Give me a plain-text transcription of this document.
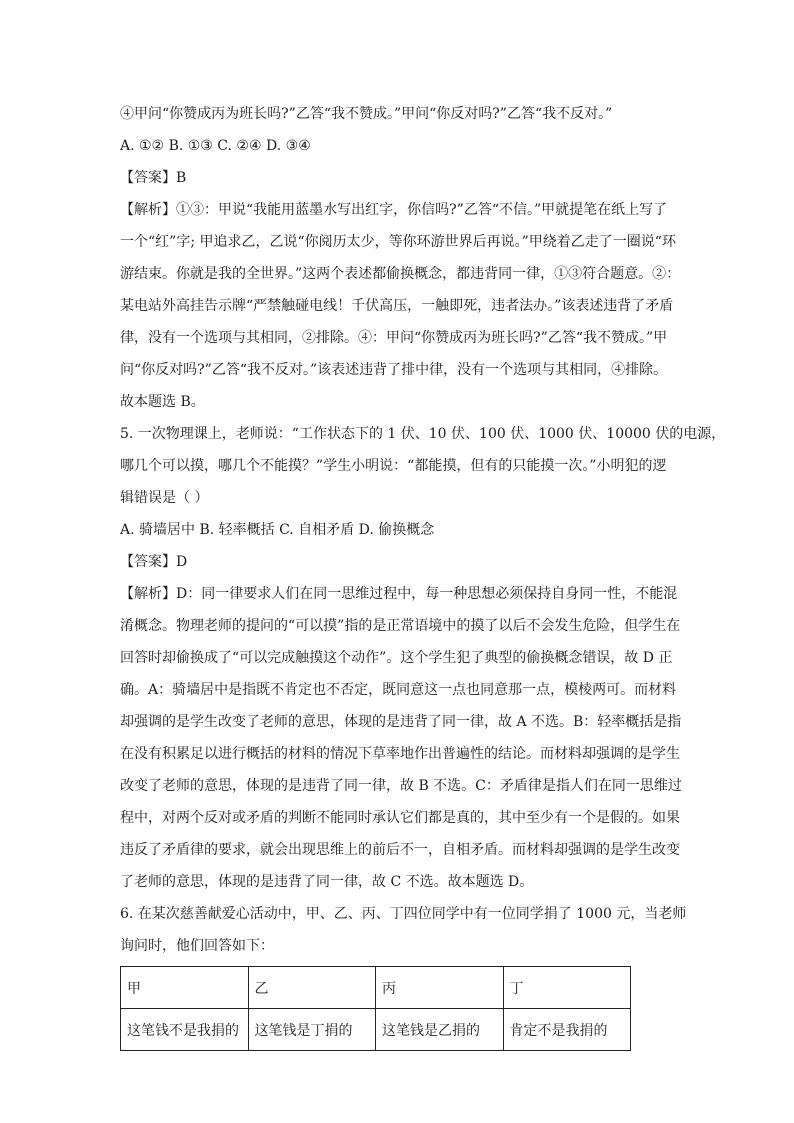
④甲问“你赞成丙为班长吗?”乙答“我不赞成。”甲问“你反对吗?”乙答“我不反对。”

A. ①② B. ①③ C. ②④ D. ③④

【答案】B

【解析】①③：甲说“我能用蓝墨水写出红字，你信吗?”乙答“不信。”甲就提笔在纸上写了

一个“红”字; 甲追求乙，乙说“你阅历太少，等你环游世界后再说。”甲绕着乙走了一圈说“环

游结束。你就是我的全世界。”这两个表述都偷换概念，都违背同一律，①③符合题意。②：

某电站外高挂告示牌“严禁触碰电线！千伏高压，一触即死，违者法办。”该表述违背了矛盾

律，没有一个选项与其相同，②排除。④：甲问“你赞成丙为班长吗?”乙答“我不赞成。”甲

问“你反对吗?”乙答“我不反对。”该表述违背了排中律，没有一个选项与其相同，④排除。

故本题选 B。

5. 一次物理课上，老师说：“工作状态下的 1 伏、10 伏、100 伏、1000 伏、10000 伏的电源，

哪几个可以摸，哪几个不能摸？”学生小明说：“都能摸，但有的只能摸一次。”小明犯的逻

辑错误是（ ）

A. 骑墙居中 B. 轻率概括 C. 自相矛盾 D. 偷换概念

【答案】D

【解析】D：同一律要求人们在同一思维过程中，每一种思想必须保持自身同一性，不能混

淆概念。物理老师的提问的“可以摸”指的是正常语境中的摸了以后不会发生危险，但学生在

回答时却偷换成了“可以完成触摸这个动作”。这个学生犯了典型的偷换概念错误，故 D 正

确。A：骑墙居中是指既不肯定也不否定，既同意这一点也同意那一点，模棱两可。而材料

却强调的是学生改变了老师的意思，体现的是违背了同一律，故 A 不选。B：轻率概括是指

在没有积累足以进行概括的材料的情况下草率地作出普遍性的结论。而材料却强调的是学生

改变了老师的意思，体现的是违背了同一律，故 B 不选。C：矛盾律是指人们在同一思维过

程中，对两个反对或矛盾的判断不能同时承认它们都是真的，其中至少有一个是假的。如果

违反了矛盾律的要求，就会出现思维上的前后不一，自相矛盾。而材料却强调的是学生改变

了老师的意思，体现的是违背了同一律，故 C 不选。故本题选 D。

6. 在某次慈善献爱心活动中，甲、乙、丙、丁四位同学中有一位同学捐了 1000 元，当老师

询问时，他们回答如下：

甲	乙	丙	丁
这笔钱不是我捐的	这笔钱是丁捐的	这笔钱是乙捐的	肯定不是我捐的
